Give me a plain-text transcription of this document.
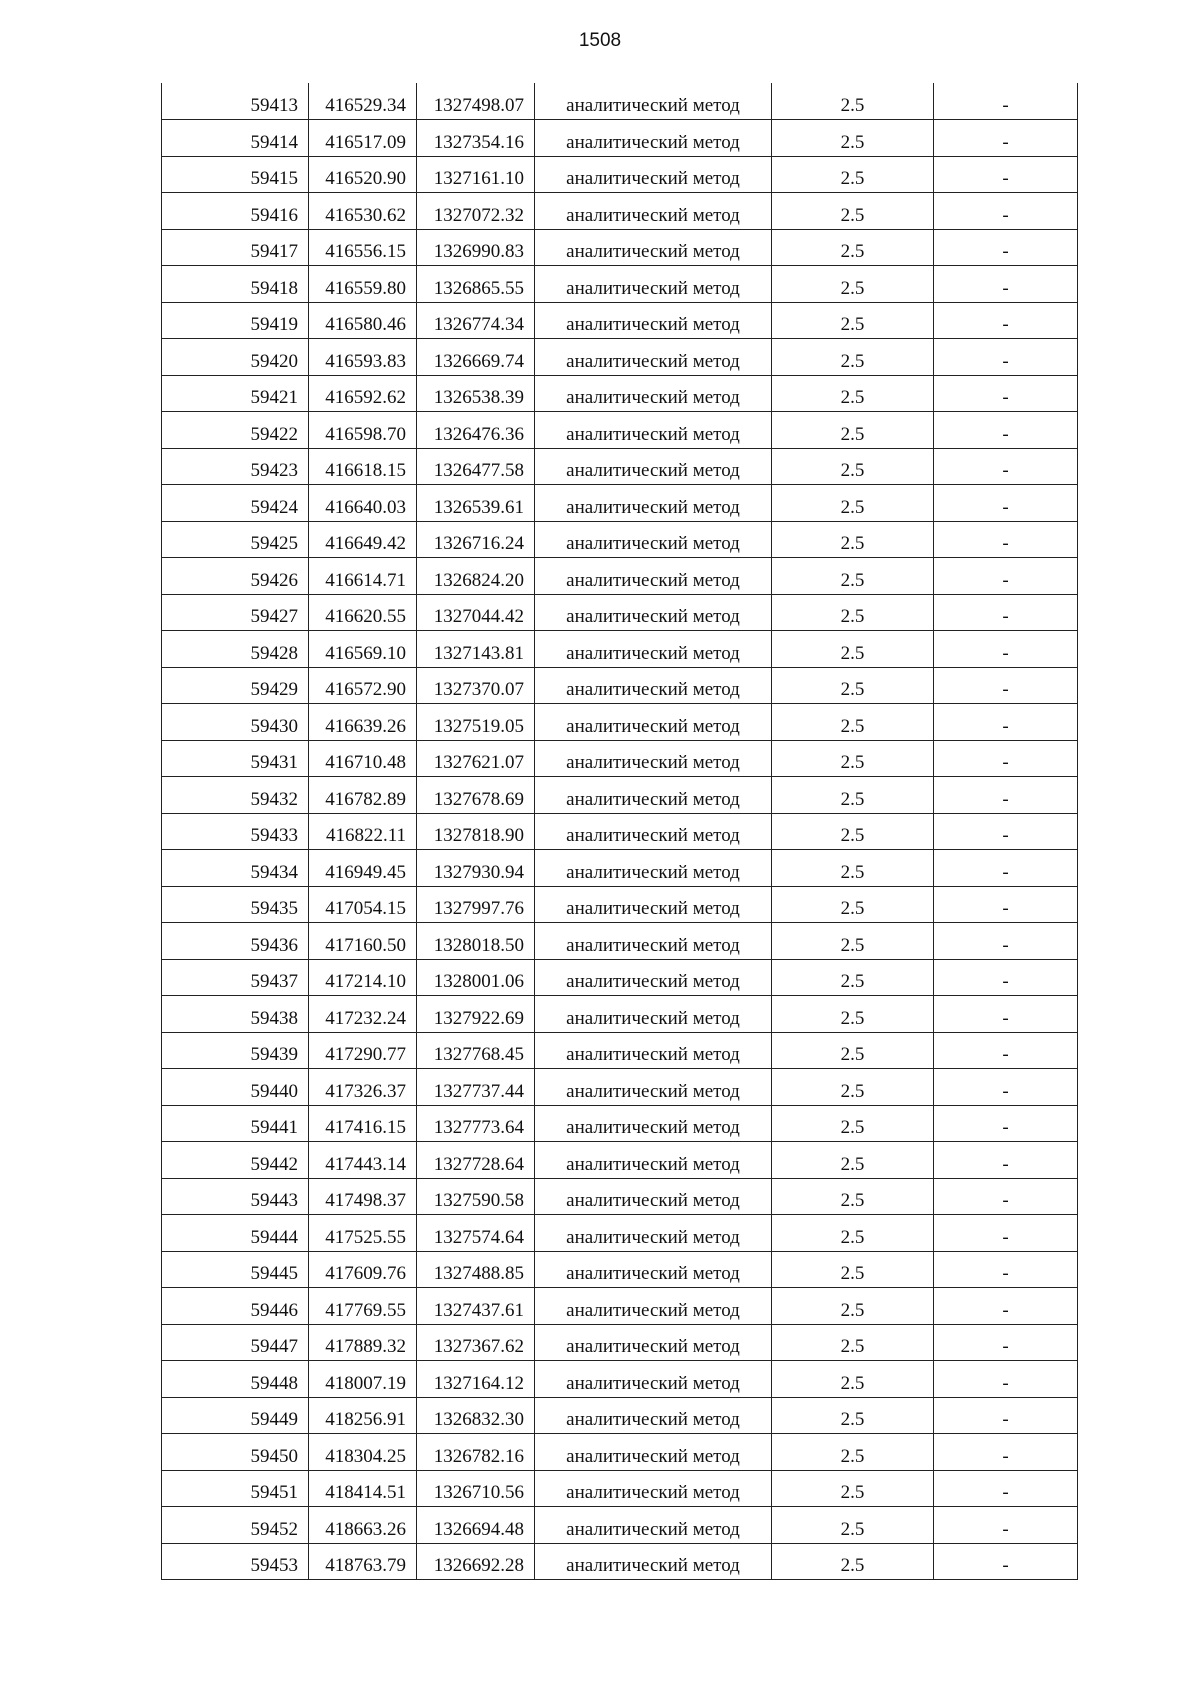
1508
59413	416529.34	1327498.07	аналитический метод	2.5	-
59414	416517.09	1327354.16	аналитический метод	2.5	-
59415	416520.90	1327161.10	аналитический метод	2.5	-
59416	416530.62	1327072.32	аналитический метод	2.5	-
59417	416556.15	1326990.83	аналитический метод	2.5	-
59418	416559.80	1326865.55	аналитический метод	2.5	-
59419	416580.46	1326774.34	аналитический метод	2.5	-
59420	416593.83	1326669.74	аналитический метод	2.5	-
59421	416592.62	1326538.39	аналитический метод	2.5	-
59422	416598.70	1326476.36	аналитический метод	2.5	-
59423	416618.15	1326477.58	аналитический метод	2.5	-
59424	416640.03	1326539.61	аналитический метод	2.5	-
59425	416649.42	1326716.24	аналитический метод	2.5	-
59426	416614.71	1326824.20	аналитический метод	2.5	-
59427	416620.55	1327044.42	аналитический метод	2.5	-
59428	416569.10	1327143.81	аналитический метод	2.5	-
59429	416572.90	1327370.07	аналитический метод	2.5	-
59430	416639.26	1327519.05	аналитический метод	2.5	-
59431	416710.48	1327621.07	аналитический метод	2.5	-
59432	416782.89	1327678.69	аналитический метод	2.5	-
59433	416822.11	1327818.90	аналитический метод	2.5	-
59434	416949.45	1327930.94	аналитический метод	2.5	-
59435	417054.15	1327997.76	аналитический метод	2.5	-
59436	417160.50	1328018.50	аналитический метод	2.5	-
59437	417214.10	1328001.06	аналитический метод	2.5	-
59438	417232.24	1327922.69	аналитический метод	2.5	-
59439	417290.77	1327768.45	аналитический метод	2.5	-
59440	417326.37	1327737.44	аналитический метод	2.5	-
59441	417416.15	1327773.64	аналитический метод	2.5	-
59442	417443.14	1327728.64	аналитический метод	2.5	-
59443	417498.37	1327590.58	аналитический метод	2.5	-
59444	417525.55	1327574.64	аналитический метод	2.5	-
59445	417609.76	1327488.85	аналитический метод	2.5	-
59446	417769.55	1327437.61	аналитический метод	2.5	-
59447	417889.32	1327367.62	аналитический метод	2.5	-
59448	418007.19	1327164.12	аналитический метод	2.5	-
59449	418256.91	1326832.30	аналитический метод	2.5	-
59450	418304.25	1326782.16	аналитический метод	2.5	-
59451	418414.51	1326710.56	аналитический метод	2.5	-
59452	418663.26	1326694.48	аналитический метод	2.5	-
59453	418763.79	1326692.28	аналитический метод	2.5	-
